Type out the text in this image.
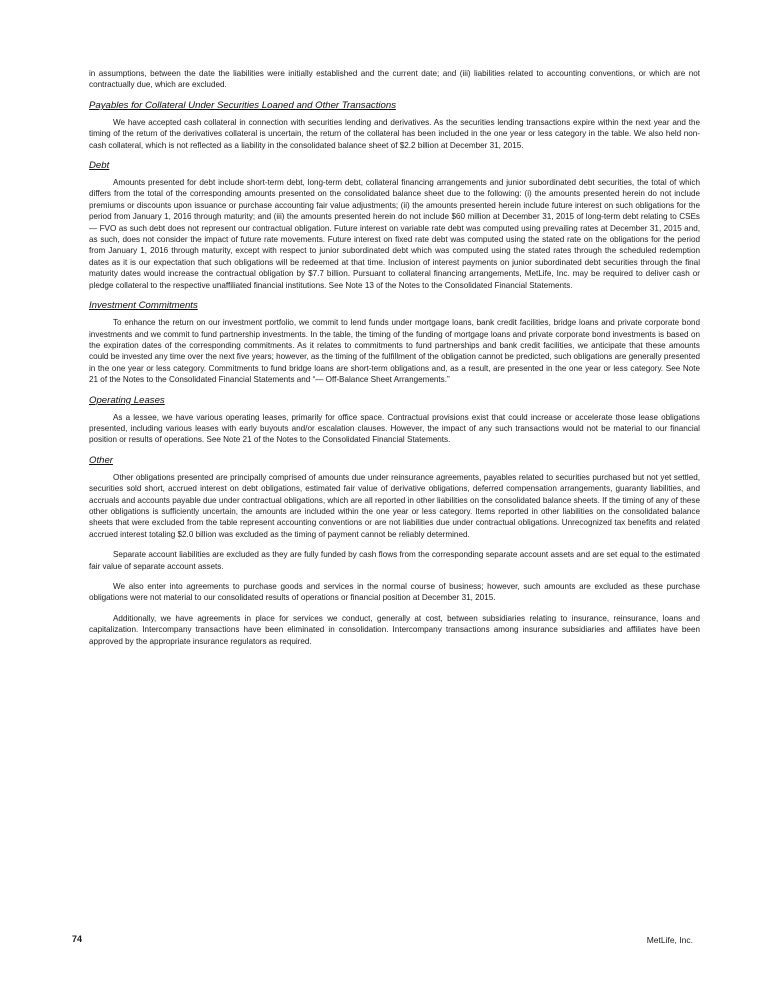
in assumptions, between the date the liabilities were initially established and the current date; and (iii) liabilities related to accounting conventions, or which are not contractually due, which are excluded.

Payables for Collateral Under Securities Loaned and Other Transactions

We have accepted cash collateral in connection with securities lending and derivatives. As the securities lending transactions expire within the next year and the timing of the return of the derivatives collateral is uncertain, the return of the collateral has been included in the one year or less category in the table. We also held non-cash collateral, which is not reflected as a liability in the consolidated balance sheet of $2.2 billion at December 31, 2015.

Debt

Amounts presented for debt include short-term debt, long-term debt, collateral financing arrangements and junior subordinated debt securities, the total of which differs from the total of the corresponding amounts presented on the consolidated balance sheet due to the following: (i) the amounts presented herein do not include premiums or discounts upon issuance or purchase accounting fair value adjustments; (ii) the amounts presented herein include future interest on such obligations for the period from January 1, 2016 through maturity; and (iii) the amounts presented herein do not include $60 million at December 31, 2015 of long-term debt relating to CSEs — FVO as such debt does not represent our contractual obligation. Future interest on variable rate debt was computed using prevailing rates at December 31, 2015 and, as such, does not consider the impact of future rate movements. Future interest on fixed rate debt was computed using the stated rate on the obligations for the period from January 1, 2016 through maturity, except with respect to junior subordinated debt which was computed using the stated rates through the scheduled redemption dates as it is our expectation that such obligations will be redeemed at that time. Inclusion of interest payments on junior subordinated debt securities through the final maturity dates would increase the contractual obligation by $7.7 billion. Pursuant to collateral financing arrangements, MetLife, Inc. may be required to deliver cash or pledge collateral to the respective unaffiliated financial institutions. See Note 13 of the Notes to the Consolidated Financial Statements.

Investment Commitments

To enhance the return on our investment portfolio, we commit to lend funds under mortgage loans, bank credit facilities, bridge loans and private corporate bond investments and we commit to fund partnership investments. In the table, the timing of the funding of mortgage loans and private corporate bond investments is based on the expiration dates of the corresponding commitments. As it relates to commitments to fund partnerships and bank credit facilities, we anticipate that these amounts could be invested any time over the next five years; however, as the timing of the fulfillment of the obligation cannot be predicted, such obligations are generally presented in the one year or less category. Commitments to fund bridge loans are short-term obligations and, as a result, are presented in the one year or less category. See Note 21 of the Notes to the Consolidated Financial Statements and “— Off-Balance Sheet Arrangements.”

Operating Leases

As a lessee, we have various operating leases, primarily for office space. Contractual provisions exist that could increase or accelerate those lease obligations presented, including various leases with early buyouts and/or escalation clauses. However, the impact of any such transactions would not be material to our financial position or results of operations. See Note 21 of the Notes to the Consolidated Financial Statements.

Other

Other obligations presented are principally comprised of amounts due under reinsurance agreements, payables related to securities purchased but not yet settled, securities sold short, accrued interest on debt obligations, estimated fair value of derivative obligations, deferred compensation arrangements, guaranty liabilities, and accruals and accounts payable due under contractual obligations, which are all reported in other liabilities on the consolidated balance sheets. If the timing of any of these other obligations is sufficiently uncertain, the amounts are included within the one year or less category. Items reported in other liabilities on the consolidated balance sheets that were excluded from the table represent accounting conventions or are not liabilities due under contractual obligations. Unrecognized tax benefits and related accrued interest totaling $2.0 billion was excluded as the timing of payment cannot be reliably determined.

Separate account liabilities are excluded as they are fully funded by cash flows from the corresponding separate account assets and are set equal to the estimated fair value of separate account assets.

We also enter into agreements to purchase goods and services in the normal course of business; however, such amounts are excluded as these purchase obligations were not material to our consolidated results of operations or financial position at December 31, 2015.

Additionally, we have agreements in place for services we conduct, generally at cost, between subsidiaries relating to insurance, reinsurance, loans and capitalization. Intercompany transactions have been eliminated in consolidation. Intercompany transactions among insurance subsidiaries and affiliates have been approved by the appropriate insurance regulators as required.

74	MetLife, Inc.
